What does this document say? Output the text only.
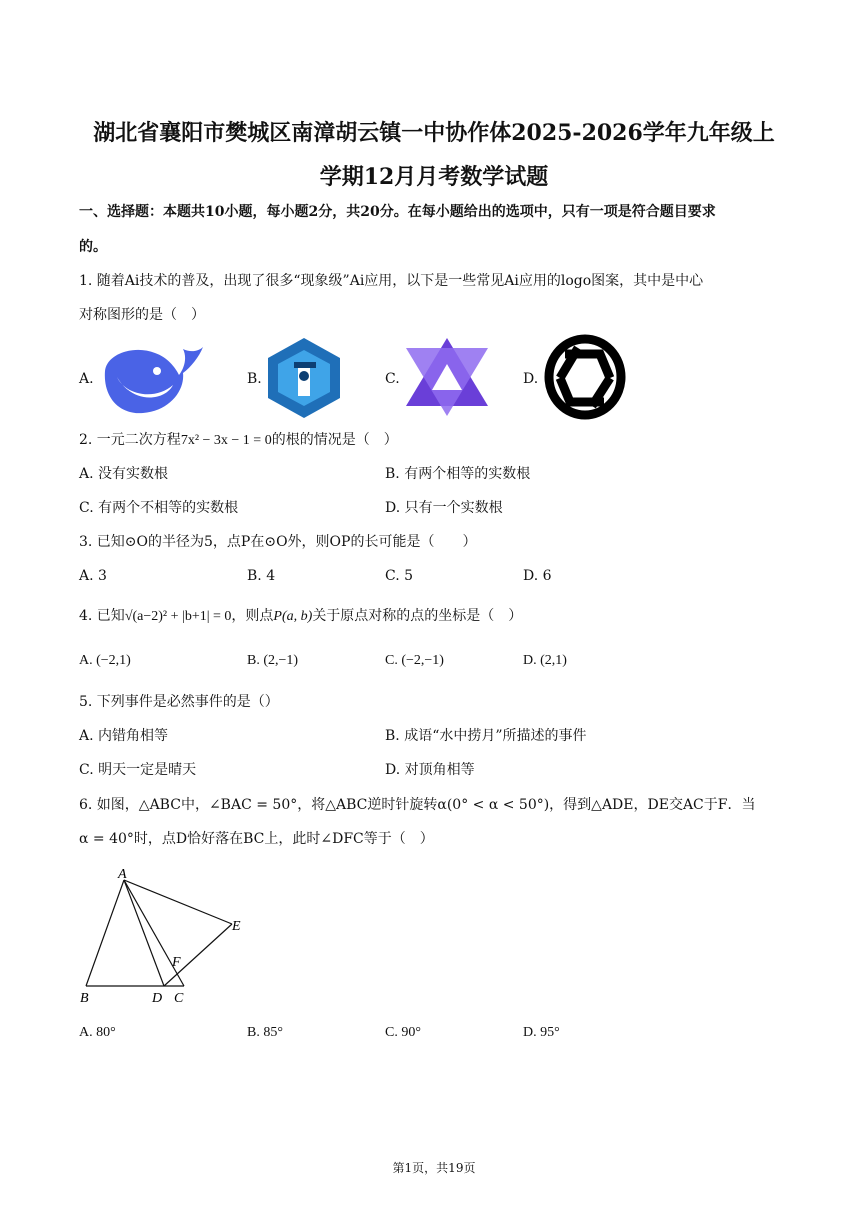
湖北省襄阳市樊城区南漳胡云镇一中协作体2025-2026学年九年级上
学期12月月考数学试题
一、选择题：本题共10小题，每小题2分，共20分。在每小题给出的选项中，只有一项是符合题目要求
的。
1. 随着Ai技术的普及，出现了很多“现象级”Ai应用，以下是一些常见Ai应用的logo图案，其中是中心
对称图形的是（　）
A.	B.	C.	D.
2. 一元二次方程7x² − 3x − 1 = 0的根的情况是（　）
A. 没有实数根	B. 有两个相等的实数根
C. 有两个不相等的实数根	D. 只有一个实数根
3. 已知⊙O的半径为5，点P在⊙O外，则OP的长可能是（　　）
A. 3	B. 4	C. 5	D. 6
4. 已知√(a−2)² + |b+1| = 0，则点P(a, b)关于原点对称的点的坐标是（　）
A. (−2,1)	B. (2,−1)	C. (−2,−1)	D. (2,1)
5. 下列事件是必然事件的是（）
A. 内错角相等	B. 成语“水中捞月”所描述的事件
C. 明天一定是晴天	D. 对顶角相等
6. 如图，△ABC中，∠BAC = 50°，将△ABC逆时针旋转α(0° < α < 50°)，得到△ADE，DE交AC于F．当
α = 40°时，点D恰好落在BC上，此时∠DFC等于（　）
A
E
F
B	D C
A. 80°	B. 85°	C. 90°	D. 95°
第1页，共19页
